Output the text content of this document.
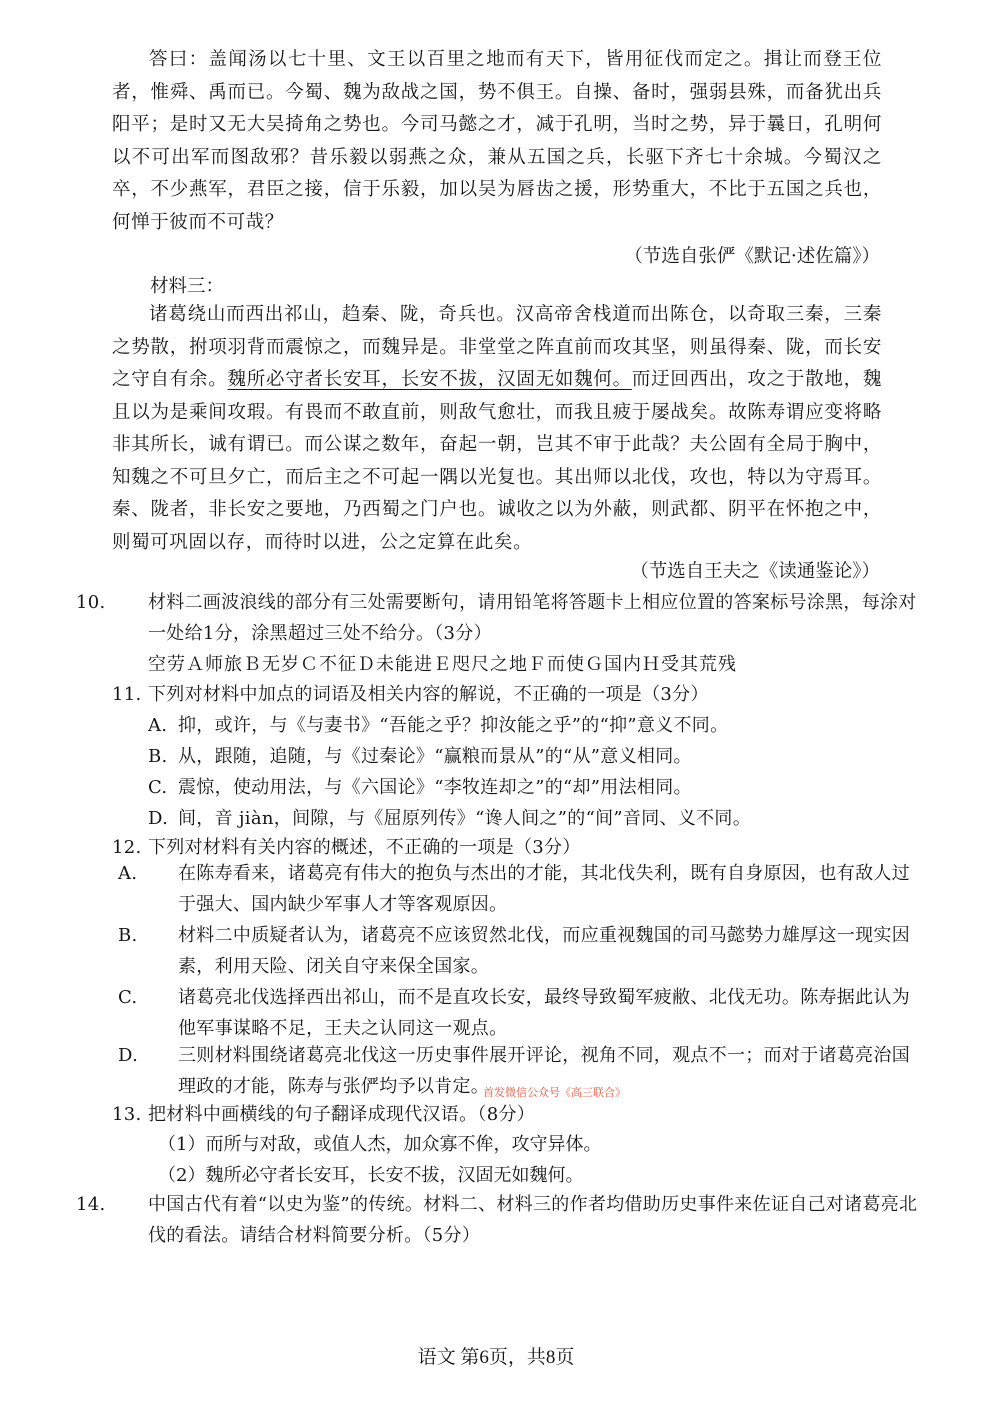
答曰：盖闻汤以七十里、文王以百里之地而有天下，皆用征伐而定之。揖让而登王位者，惟舜、禹而已。今蜀、魏为敌战之国，势不俱王。自操、备时，强弱县殊，而备犹出兵阳平；是时又无大吴掎角之势也。今司马懿之才，减于孔明，当时之势，异于曩日，孔明何以不可出军而图敌邪？昔乐毅以弱燕之众，兼从五国之兵，长驱下齐七十余城。今蜀汉之卒，不少燕军，君臣之接，信于乐毅，加以吴为唇齿之援，形势重大，不比于五国之兵也，何惮于彼而不可哉？

（节选自张俨《默记·述佐篇》）
材料三：

诸葛绕山而西出祁山，趋秦、陇，奇兵也。汉高帝舍栈道而出陈仓，以奇取三秦，三秦之势散，拊项羽背而震惊之，而魏异是。非堂堂之阵直前而攻其坚，则虽得秦、陇，而长安之守自有余。魏所必守者长安耳，长安不拔，汉固无如魏何。而迂回西出，攻之于散地，魏且以为是乘间攻瑕。有畏而不敢直前，则敌气愈壮，而我且疲于屡战矣。故陈寿谓应变将略非其所长，诚有谓已。而公谋之数年，奋起一朝，岂其不审于此哉？夫公固有全局于胸中，知魏之不可旦夕亡，而后主之不可起一隅以光复也。其出师以北伐，攻也，特以为守焉耳。秦、陇者，非长安之要地，乃西蜀之门户也。诚收之以为外蔽，则武都、阴平在怀抱之中，则蜀可巩固以存，而待时以进，公之定算在此矣。

（节选自王夫之《读通鉴论》）
10. 材料二画波浪线的部分有三处需要断句，请用铅笔将答题卡上相应位置的答案标号涂黑，每涂对一处给1分，涂黑超过三处不给分。（3分）
空劳Ａ师旅Ｂ无岁Ｃ不征Ｄ未能进Ｅ咫尺之地Ｆ而使Ｇ国内Ｈ受其荒残
11. 下列对材料中加点的词语及相关内容的解说，不正确的一项是（3分）
A. 抑，或许，与《与妻书》“吾能之乎？抑汝能之乎”的“抑”意义不同。
B. 从，跟随，追随，与《过秦论》“赢粮而景从”的“从”意义相同。
C. 震惊，使动用法，与《六国论》“李牧连却之”的“却”用法相同。
D. 间，音 jiàn，间隙，与《屈原列传》“谗人间之”的“间”音同、义不同。
12. 下列对材料有关内容的概述，不正确的一项是（3分）
A. 在陈寿看来，诸葛亮有伟大的抱负与杰出的才能，其北伐失利，既有自身原因，也有敌人过于强大、国内缺少军事人才等客观原因。
B. 材料二中质疑者认为，诸葛亮不应该贸然北伐，而应重视魏国的司马懿势力雄厚这一现实因素，利用天险、闭关自守来保全国家。
C. 诸葛亮北伐选择西出祁山，而不是直攻长安，最终导致蜀军疲敝、北伐无功。陈寿据此认为他军事谋略不足，王夫之认同这一观点。
D. 三则材料围绕诸葛亮北伐这一历史事件展开评论，视角不同，观点不一；而对于诸葛亮治国理政的才能，陈寿与张俨均予以肯定。
首发微信公众号《高三联合》
13. 把材料中画横线的句子翻译成现代汉语。（8分）
（1）而所与对敌，或值人杰，加众寡不侔，攻守异体。
（2）魏所必守者长安耳，长安不拔，汉固无如魏何。
14. 中国古代有着“以史为鉴”的传统。材料二、材料三的作者均借助历史事件来佐证自己对诸葛亮北伐的看法。请结合材料简要分析。（5分）
语文 第6页，共8页
